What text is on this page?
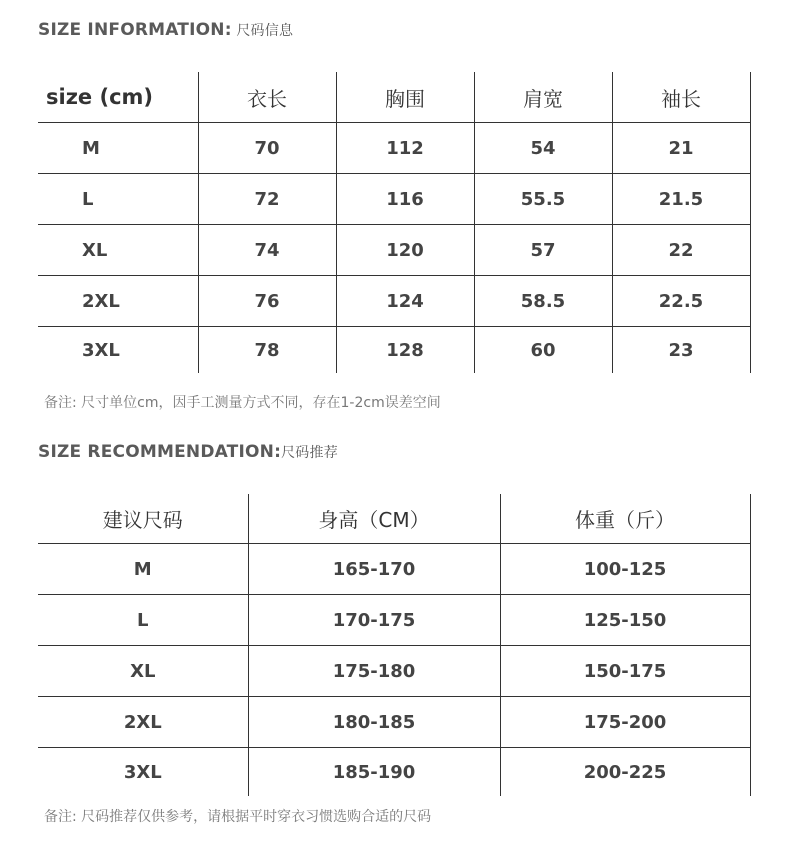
SIZE INFORMATION: 尺码信息
size (cm)	衣长	胸围	肩宽	袖长
M	70	112	54	21
L	72	116	55.5	21.5
XL	74	120	57	22
2XL	76	124	58.5	22.5
3XL	78	128	60	23
备注: 尺寸单位cm，因手工测量方式不同，存在1-2cm误差空间
SIZE RECOMMENDATION:尺码推荐
建议尺码	身高（CM）	体重（斤）
M	165-170	100-125
L	170-175	125-150
XL	175-180	150-175
2XL	180-185	175-200
3XL	185-190	200-225
备注: 尺码推荐仅供参考，请根据平时穿衣习惯选购合适的尺码
